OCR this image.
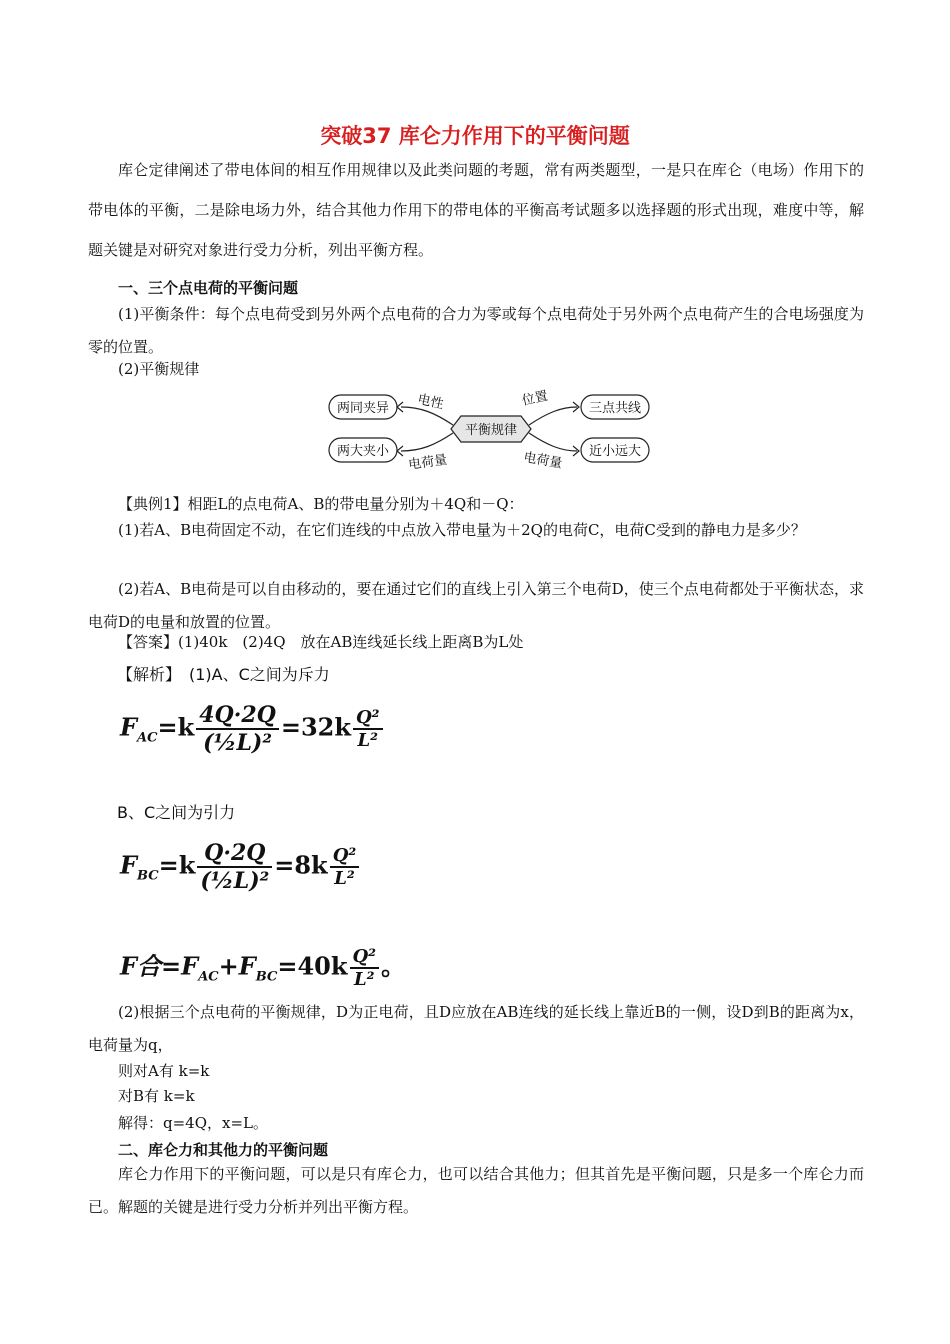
突破37 库仑力作用下的平衡问题
库仑定律阐述了带电体间的相互作用规律以及此类问题的考题，常有两类题型，一是只在库仑（电场）作用下的带电体的平衡，二是除电场力外，结合其他力作用下的带电体的平衡高考试题多以选择题的形式出现，难度中等，解题关键是对研究对象进行受力分析，列出平衡方程。
一、三个点电荷的平衡问题
(1)平衡条件：每个点电荷受到另外两个点电荷的合力为零或每个点电荷处于另外两个点电荷产生的合电场强度为零的位置。
(2)平衡规律
两同夹异
两大夹小
三点共线
近小远大
平衡规律
电性	位置
电荷量	电荷量
【典例1】相距L的点电荷A、B的带电量分别为＋4Q和－Q：
(1)若A、B电荷固定不动，在它们连线的中点放入带电量为＋2Q的电荷C，电荷C受到的静电力是多少？
(2)若A、B电荷是可以自由移动的，要在通过它们的直线上引入第三个电荷D，使三个点电荷都处于平衡状态，求电荷D的电量和放置的位置。
【答案】(1)40k　(2)4Q　放在AB连线延长线上距离B为L处
【解析】　(1)A、C之间为斥力
$F_{AC}=k \frac{4Q\cdot 2Q}{\text{(½L)²}} =32k \frac{\text{Q²}}{\text{L²}}$
B、C之间为引力
$F_{BC}=k \frac{Q\cdot 2Q}{\text{(½L)²}} =8k \frac{\text{Q²}}{\text{L²}}$
F合$=F_{AC}+F_{BC}=40k \frac{\text{Q²}}{\text{L²}}$ 。
(2)根据三个点电荷的平衡规律，D为正电荷，且D应放在AB连线的延长线上靠近B的一侧，设D到B的距离为x，电荷量为q，
则对A有 k=k
对B有 k=k
解得：q=4Q，x=L。
二、库仑力和其他力的平衡问题
库仑力作用下的平衡问题，可以是只有库仑力，也可以结合其他力；但其首先是平衡问题，只是多一个库仑力而已。解题的关键是进行受力分析并列出平衡方程。
